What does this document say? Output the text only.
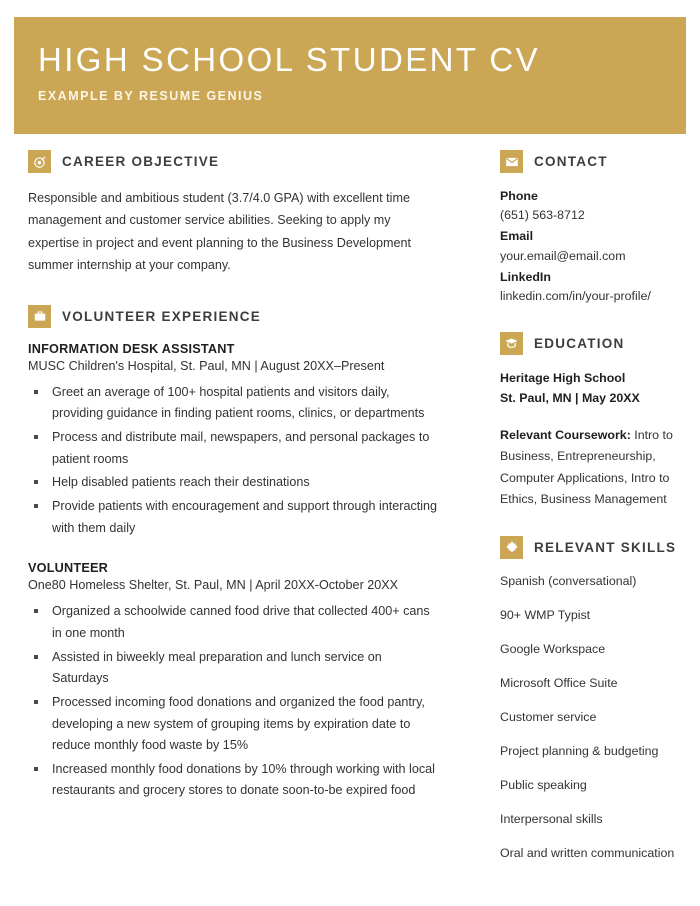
HIGH SCHOOL STUDENT CV
EXAMPLE BY RESUME GENIUS
CAREER OBJECTIVE

Responsible and ambitious student (3.7/4.0 GPA) with excellent time management and customer service abilities. Seeking to apply my expertise in project and event planning to the Business Development summer internship at your company.

VOLUNTEER EXPERIENCE
INFORMATION DESK ASSISTANT
MUSC Children's Hospital, St. Paul, MN | August 20XX–Present
Greet an average of 100+ hospital patients and visitors daily, providing guidance in finding patient rooms, clinics, or departments
Process and distribute mail, newspapers, and personal packages to patient rooms
Help disabled patients reach their destinations
Provide patients with encouragement and support through interacting with them daily
VOLUNTEER
One80 Homeless Shelter, St. Paul, MN | April 20XX-October 20XX
Organized a schoolwide canned food drive that collected 400+ cans in one month
Assisted in biweekly meal preparation and lunch service on Saturdays
Processed incoming food donations and organized the food pantry, developing a new system of grouping items by expiration date to reduce monthly food waste by 15%
Increased monthly food donations by 10% through working with local restaurants and grocery stores to donate soon-to-be expired food
CONTACT
Phone
(651) 563-8712
Email
your.email@email.com
LinkedIn
linkedin.com/in/your-profile/
EDUCATION
Heritage High School
St. Paul, MN | May 20XX
Relevant Coursework: Intro to Business, Entrepreneurship, Computer Applications, Intro to Ethics, Business Management
RELEVANT SKILLS
Spanish (conversational)
90+ WMP Typist
Google Workspace
Microsoft Office Suite
Customer service
Project planning & budgeting
Public speaking
Interpersonal skills
Oral and written communication
